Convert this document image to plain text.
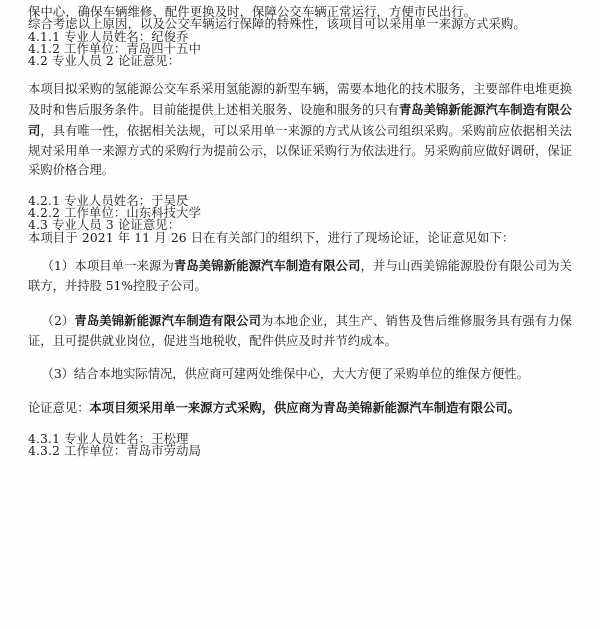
保中心，确保车辆维修、配件更换及时，保障公交车辆正常运行，方便市民出行。

综合考虑以上原因，以及公交车辆运行保障的特殊性，该项目可以采用单一来源方式采购。

4.1.1 专业人员姓名：纪俊乔

4.1.2 工作单位：青岛四十五中

4.2 专业人员 2 论证意见：

本项目拟采购的氢能源公交车系采用氢能源的新型车辆，需要本地化的技术服务，主要部件电堆更换及时和售后服务条件。目前能提供上述相关服务、设施和服务的只有青岛美锦新能源汽车制造有限公司，具有唯一性，依据相关法规，可以采用单一来源的方式从该公司组织采购。采购前应依据相关法规对采用单一来源方式的采购行为提前公示，以保证采购行为依法进行。另采购前应做好调研，保证采购价格合理。

4.2.1 专业人员姓名：于吴昃

4.2.2 工作单位：山东科技大学

4.3 专业人员 3 论证意见：

本项目于 2021 年 11 月 26 日在有关部门的组织下，进行了现场论证，论证意见如下：

（1）本项目单一来源为青岛美锦新能源汽车制造有限公司，并与山西美锦能源股份有限公司为关联方，并持股 51%控股子公司。

（2）青岛美锦新能源汽车制造有限公司为本地企业，其生产、销售及售后维修服务具有强有力保证，且可提供就业岗位，促进当地税收，配件供应及时并节约成本。

（3）结合本地实际情况，供应商可建两处维保中心，大大方便了采购单位的维保方便性。

论证意见：本项目须采用单一来源方式采购，供应商为青岛美锦新能源汽车制造有限公司。

4.3.1 专业人员姓名：王松理

4.3.2 工作单位：青岛市劳动局
